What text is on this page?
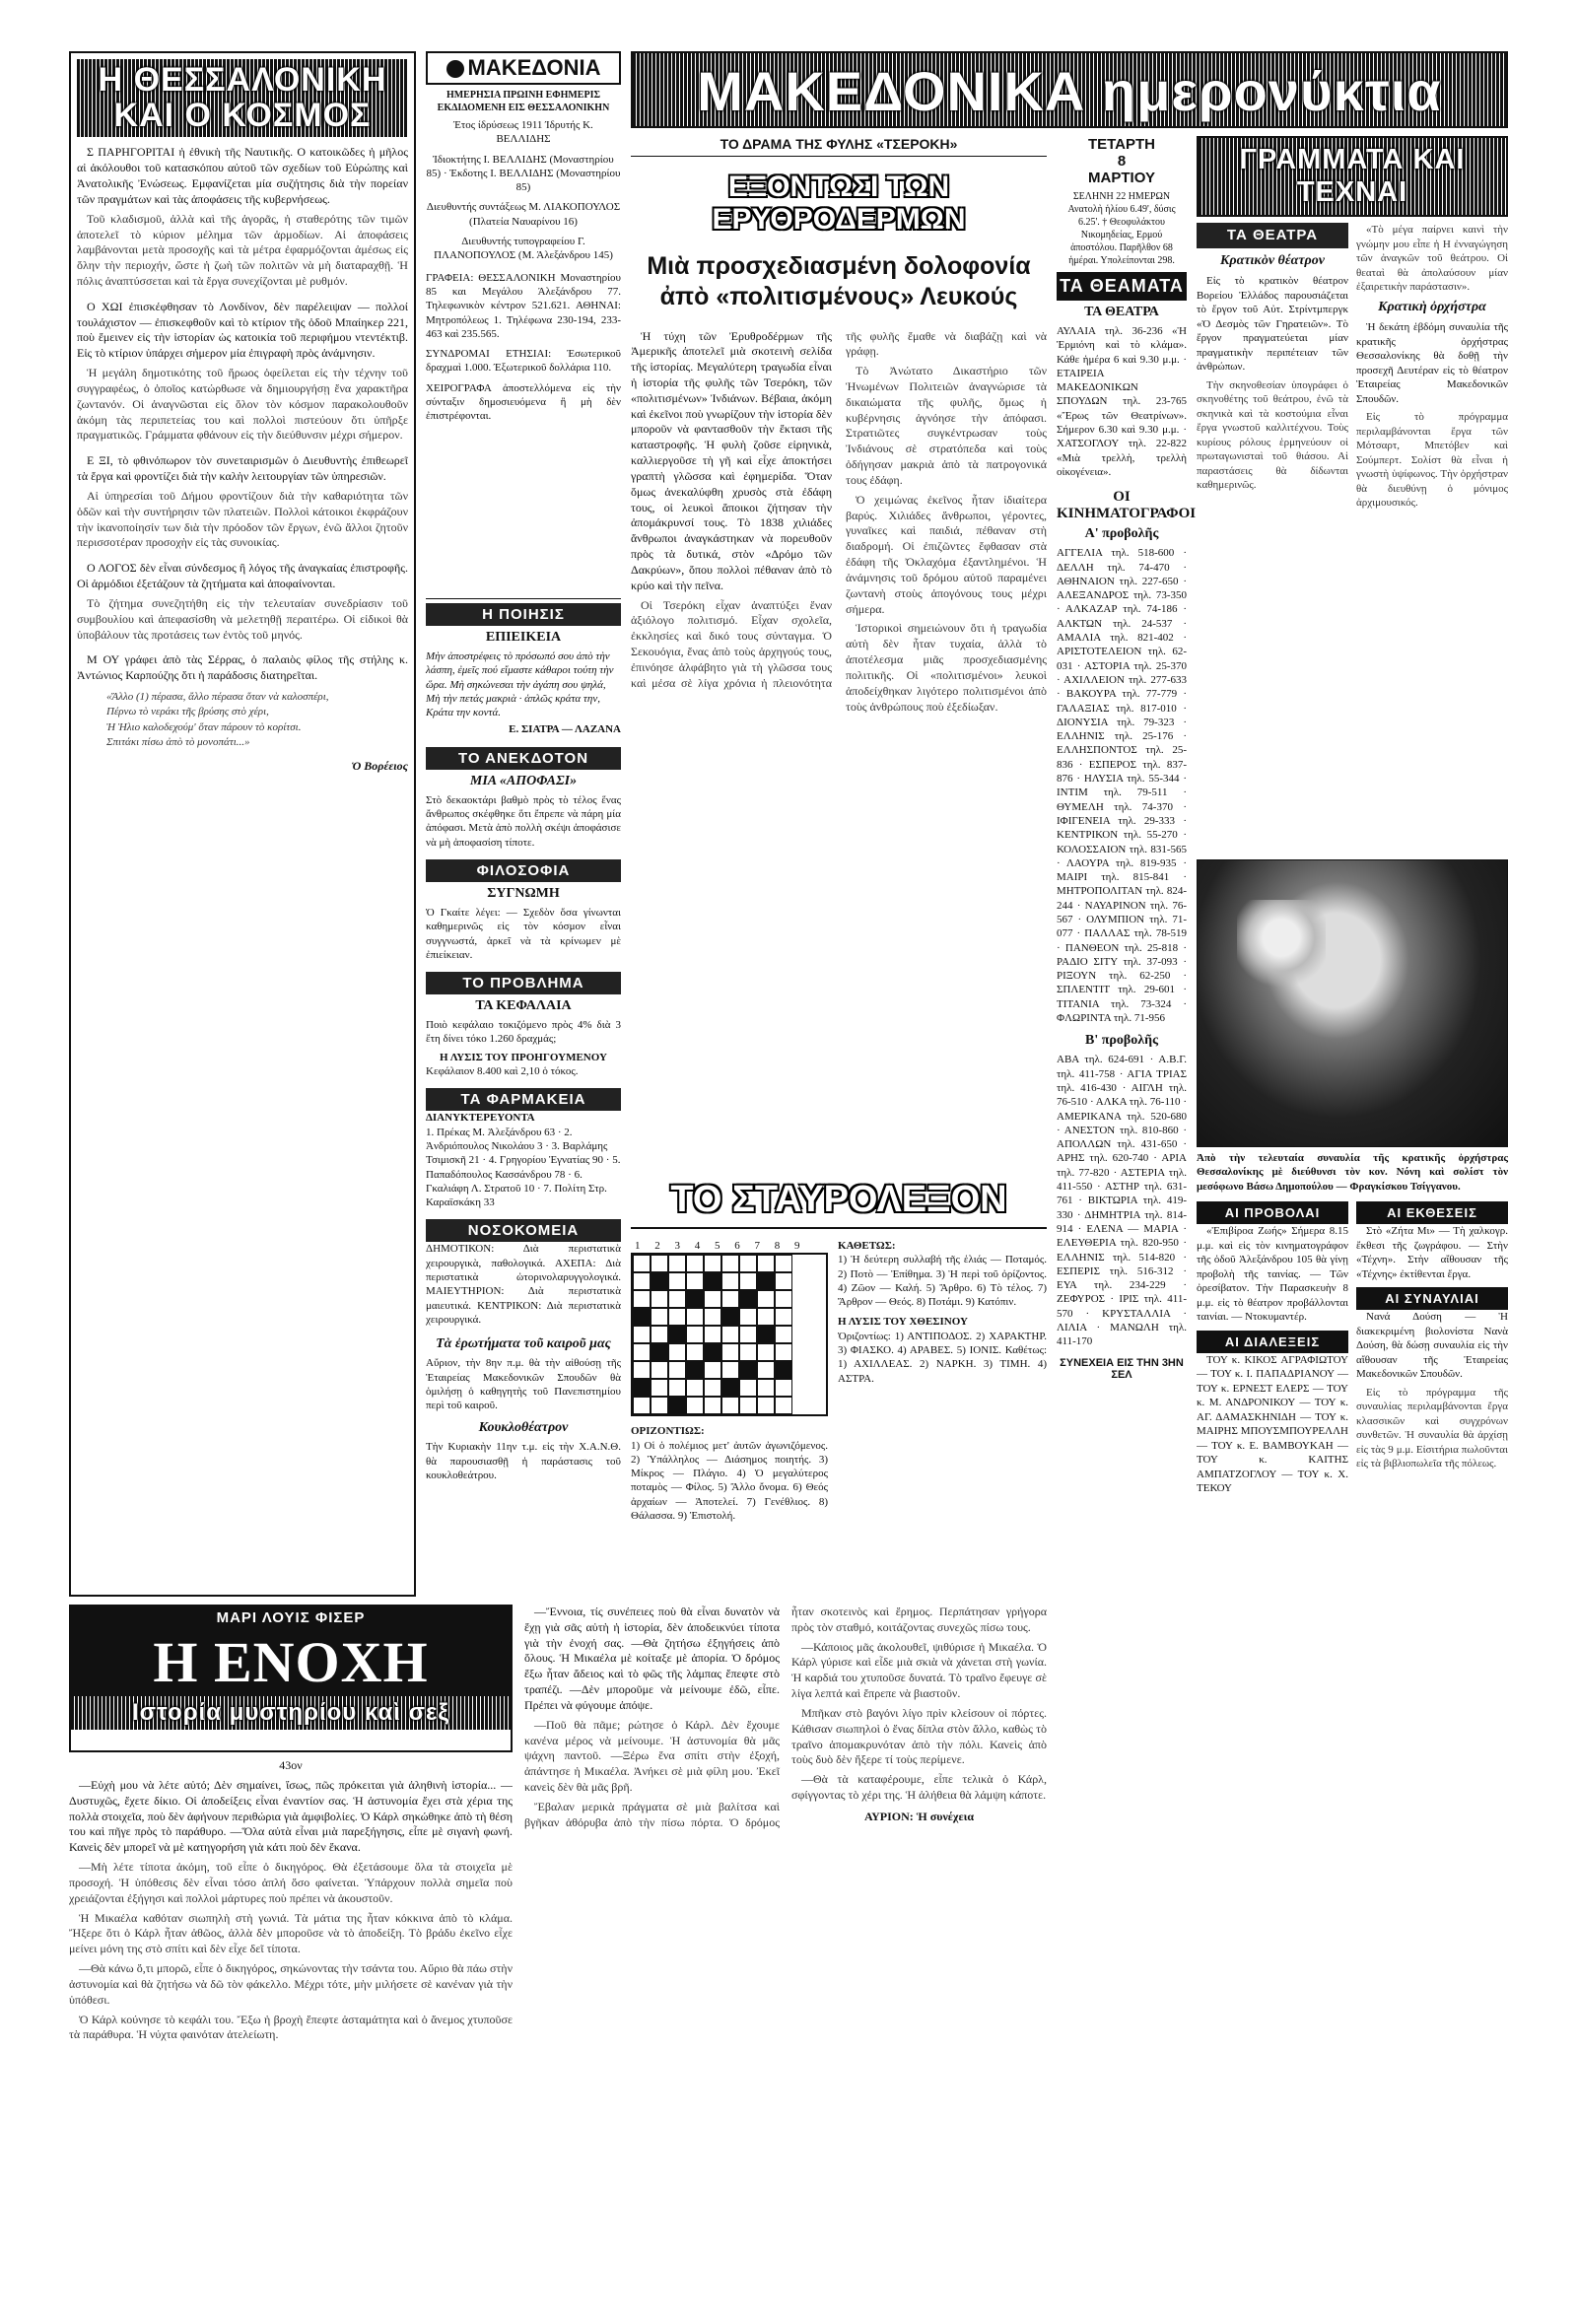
Η ΘΕΣΣΑΛΟΝΙΚΗ
ΚΑΙ Ο ΚΟΣΜΟΣ

Σ ΠΑΡΗΓΟΡΙΤΑΙ ἡ ἐθνικὴ τῆς Ναυτικῆς. Ο κατοικῶδες ἡ μῆλος αἱ ἀκόλουθοι τοῦ κατασκόπου αὐτοῦ τῶν σχεδίων τοῦ Εὐρώπης καὶ Ἀνατολικῆς Ἐνώσεως. Εμφανίζεται μία συζήτησις διὰ τὴν πορείαν τῶν πραγμάτων καὶ τὰς ἀποφάσεις τῆς κυβερνήσεως.

Τοῦ κλαδισμοῦ, ἀλλὰ καὶ τῆς ἀγορᾶς, ἡ σταθερότης τῶν τιμῶν ἀποτελεῖ τὸ κύριον μέλημα τῶν ἀρμοδίων. Αἱ ἀποφάσεις λαμβάνονται μετὰ προσοχῆς καὶ τὰ μέτρα ἐφαρμόζονται ἀμέσως εἰς ὅλην τὴν περιοχήν, ὥστε ἡ ζωὴ τῶν πολιτῶν νὰ μὴ διαταραχθῇ. Ἡ πόλις ἀναπτύσσεται καὶ τὰ ἔργα συνεχίζονται μὲ ρυθμόν.

Ο ΧΩΙ ἐπισκέφθησαν τὸ Λονδίνον, δὲν παρέλειψαν — πολλοί τουλάχιστον — ἐπισκεφθοῦν καὶ τὸ κτίριον τῆς ὁδοῦ Μπαίηκερ 221, ποὺ ἔμεινεν εἰς τὴν ἱστορίαν ὡς κατοικία τοῦ περιφήμου ντεντέκτιβ. Εἰς τὸ κτίριον ὑπάρχει σήμερον μία ἐπιγραφὴ πρὸς ἀνάμνησιν.

Ἡ μεγάλη δημοτικότης τοῦ ἥρωος ὀφείλεται εἰς τὴν τέχνην τοῦ συγγραφέως, ὁ ὁποῖος κατώρθωσε νὰ δημιουργήσῃ ἕνα χαρακτῆρα ζωντανόν. Οἱ ἀναγνῶσται εἰς ὅλον τὸν κόσμον παρακολουθοῦν ἀκόμη τὰς περιπετείας του καὶ πολλοὶ πιστεύουν ὅτι ὑπῆρξε πραγματικῶς. Γράμματα φθάνουν εἰς τὴν διεύθυνσιν μέχρι σήμερον.

Ε ΞΙ, τὸ φθινόπωρον τὸν συνεταιρισμῶν ὁ Διευθυντὴς ἐπιθεωρεῖ τὰ ἔργα καὶ φροντίζει διὰ τὴν καλὴν λειτουργίαν τῶν ὑπηρεσιῶν.

Αἱ ὑπηρεσίαι τοῦ Δήμου φροντίζουν διὰ τὴν καθαριότητα τῶν ὁδῶν καὶ τὴν συντήρησιν τῶν πλατειῶν. Πολλοὶ κάτοικοι ἐκφράζουν τὴν ἱκανοποίησίν των διὰ τὴν πρόοδον τῶν ἔργων, ἐνῶ ἄλλοι ζητοῦν περισσοτέραν προσοχὴν εἰς τὰς συνοικίας.

Ο ΛΟΓΟΣ δὲν εἶναι σύνδεσμος ἢ λόγος τῆς ἀναγκαίας ἐπιστροφῆς. Οἱ ἀρμόδιοι ἐξετάζουν τὰ ζητήματα καὶ ἀποφαίνονται.

Τὸ ζήτημα συνεζητήθη εἰς τὴν τελευταίαν συνεδρίασιν τοῦ συμβουλίου καὶ ἀπεφασίσθη νὰ μελετηθῇ περαιτέρω. Οἱ εἰδικοὶ θὰ ὑποβάλουν τὰς προτάσεις των ἐντὸς τοῦ μηνός.

Μ ΟΥ γράφει ἀπὸ τὰς Σέρρας, ὁ παλαιὸς φίλος τῆς στήλης κ. Ἀντώνιος Καρπούζης ὅτι ἡ παράδοσις διατηρεῖται.

«Ἄλλο (1) πέρασα, ἄλλο πέρασα ὅταν νὰ καλοσπέρι,
Πέρνω τὸ νεράκι τῆς βρύσης στὸ χέρι,
Ἡ Ἡλιο καλοδεχούμ' ὅταν πάρουν τὸ κορίτσι.
Σπιτάκι πίσω ἀπὸ τὸ μονοπάτι...»
Ὁ Βορέειος
ΜΑΚΕΔΟΝΙΑ
ΗΜΕΡΗΣΙΑ ΠΡΩΙΝΗ ΕΦΗΜΕΡΙΣ ΕΚΔΙΔΟΜΕΝΗ ΕΙΣ ΘΕΣΣΑΛΟΝΙΚΗΝ
Έτος ίδρύσεως 1911 Ίδρυτής Κ. ΒΕΛΛΙΔΗΣ
Ίδιοκτήτης Ι. ΒΕΛΛΙΔΗΣ (Μοναστηρίου 85) · Έκδοτης Ι. ΒΕΛΛΙΔΗΣ (Μοναστηρίου 85)
Διευθυντής συντάξεως Μ. ΛΙΑΚΟΠΟΥΛΟΣ (Πλατεία Ναυαρίνου 16)
Διευθυντής τυπογραφείου Γ. ΠΛΑΝΟΠΟΥΛΟΣ (Μ. Άλεξάνδρου 145)
ΓΡΑΦΕΙΑ: ΘΕΣΣΑΛΟΝΙΚΗ Μοναστηρίου 85 και Μεγάλου Άλεξάνδρου 77. Τηλεφωνικὸν κέντρον 521.621. ΑΘΗΝΑΙ: Μητροπόλεως 1. Τηλέφωνα 230-194, 233-463 καὶ 235.565.
ΣΥΝΔΡΟΜΑΙ ΕΤΗΣΙΑΙ: Έσωτερικοῦ δραχμαὶ 1.000. Έξωτερικοῦ δολλάρια 110.
ΧΕΙΡΟΓΡΑΦΑ ἀποστελλόμενα εἰς τὴν σύνταξιν δημοσιευόμενα ἢ μὴ δὲν ἐπιστρέφονται.
Η ΠΟΙΗΣΙΣ
ΕΠΙΕΙΚΕΙΑ
Μὴν ἀποστρέφεις τὸ πρόσωπό σου ἀπὸ τὴν λάσπη, ἐμεῖς πού εἴμαστε κάθαροι τούτη τὴν ὥρα. Μὴ σηκώνεσαι τὴν ἀγάπη σου ψηλά, Μὴ τὴν πετάς μακριὰ · ἁπλῶς κράτα την, Κράτα την κοντά.
Ε. ΣΙΑΤΡΑ — ΛΑΖΑΝΑ
ΤΟ ΑΝΕΚΔΟΤΟΝ
ΜΙΑ «ΑΠΟΦΑΣΙ»
Στὸ δεκαοκτάρι βαθμὸ πρὸς τὸ τέλος ἕνας ἄνθρωπος σκέφθηκε ὅτι ἔπρεπε νὰ πάρη μία ἀπόφασι. Μετὰ ἀπὸ πολλὴ σκέψι ἀποφάσισε νὰ μὴ ἀποφασίση τίποτε.
ΦΙΛΟΣΟΦΙΑ
ΣΥΓΝΩΜΗ
Ὁ Γκαίτε λέγει: — Σχεδὸν ὅσα γίνωνται καθημερινῶς εἰς τὸν κόσμον εἶναι συγγνωστά, ἀρκεῖ νὰ τὰ κρίνωμεν μὲ ἐπιείκειαν.
ΤΟ ΠΡΟΒΛΗΜΑ
ΤΑ ΚΕΦΑΛΑΙΑ
Ποιὸ κεφάλαιο τοκιζόμενο πρὸς 4% διὰ 3 ἔτη δίνει τόκο 1.260 δραχμάς;
Η ΛΥΣΙΣ ΤΟΥ ΠΡΟΗΓΟΥΜΕΝΟΥ
Κεφάλαιον 8.400 καὶ 2,10 ὁ τόκος.
ΤΑ ΦΑΡΜΑΚΕΙΑ
ΔΙΑΝΥΚΤΕΡΕΥΟΝΤΑ
1. Πρέκας Μ. Ἀλεξάνδρου 63 · 2. Ἀνδριόπουλος Νικολάου 3 · 3. Βαρλάμης Τσιμισκῆ 21 · 4. Γρηγορίου Ἐγνατίας 90 · 5. Παπαδόπουλος Κασσάνδρου 78 · 6. Γκαλιάφη Λ. Στρατοῦ 10 · 7. Πολίτη Στρ. Καραϊσκάκη 33
ΝΟΣΟΚΟΜΕΙΑ
ΔΗΜΟΤΙΚΟΝ: Διὰ περιστατικὰ χειρουργικὰ, παθολογικά. ΑΧΕΠΑ: Διὰ περιστατικὰ ὠτορινολαρυγγολογικά. ΜΑΙΕΥΤΗΡΙΟΝ: Διὰ περιστατικὰ μαιευτικά. ΚΕΝΤΡΙΚΟΝ: Διὰ περιστατικὰ χειρουργικά.
Τὰ ἐρωτήματα τοῦ καιροῦ μας
Αὔριον, τὴν 8ην π.μ. θὰ τὴν αἰθούσῃ τῆς Ἑταιρείας Μακεδονικῶν Σπουδῶν θὰ ὁμιλήσῃ ὁ καθηγητὴς τοῦ Πανεπιστημίου περὶ τοῦ καιροῦ.
Κουκλοθέατρον
Τὴν Κυριακὴν 11ην τ.μ. εἰς τὴν Χ.Α.Ν.Θ. θὰ παρουσιασθῇ ἡ παράστασις τοῦ κουκλοθεάτρου.
ΜΑΚΕΔΟΝΙΚΑ ημερονύκτια
ΤΟ ΔΡΑΜΑ ΤΗΣ ΦΥΛΗΣ «ΤΣΕΡΟΚΗ»
ΕΞΟΝΤΩΣΙ ΤΩΝ ΕΡΥΘΡΟΔΕΡΜΩΝ
Μιὰ προσχεδιασμένη δολοφονία ἀπὸ «πολιτισμένους» Λευκούς

Ἡ τύχη τῶν Ἐρυθροδέρμων τῆς Ἀμερικῆς ἀποτελεῖ μιὰ σκοτεινὴ σελίδα τῆς ἱστορίας. Μεγαλύτερη τραγωδία εἶναι ἡ ἱστορία τῆς φυλῆς τῶν Τσερόκη, τῶν «πολιτισμένων» Ἰνδιάνων. Βέβαια, ἀκόμη καὶ ἐκεῖνοι ποὺ γνωρίζουν τὴν ἱστορία δὲν μποροῦν νὰ φαντασθοῦν τὴν ἔκτασι τῆς καταστροφῆς. Ἡ φυλὴ ζοῦσε εἰρηνικὰ, καλλιεργοῦσε τὴ γῆ καὶ εἶχε ἀποκτήσει γραπτὴ γλῶσσα καὶ ἐφημερίδα. Ὅταν ὅμως ἀνεκαλύφθη χρυσὸς στὰ ἐδάφη τους, οἱ λευκοὶ ἄποικοι ζήτησαν τὴν ἀπομάκρυνσί τους. Τὸ 1838 χιλιάδες ἄνθρωποι ἀναγκάστηκαν νὰ πορευθοῦν πρὸς τὰ δυτικά, στὸν «Δρόμο τῶν Δακρύων», ὅπου πολλοὶ πέθαναν ἀπὸ τὸ κρύο καὶ τὴν πεῖνα.

Οἱ Τσερόκη εἶχαν ἀναπτύξει ἕναν ἀξιόλογο πολιτισμό. Εἶχαν σχολεῖα, ἐκκλησίες καὶ δικό τους σύνταγμα. Ὁ Σεκουόγια, ἕνας ἀπὸ τοὺς ἀρχηγούς τους, ἐπινόησε ἀλφάβητο γιὰ τὴ γλῶσσα τους καὶ μέσα σὲ λίγα χρόνια ἡ πλειονότητα τῆς φυλῆς ἔμαθε νὰ διαβάζῃ καὶ νὰ γράφῃ.

Τὸ Ἀνώτατο Δικαστήριο τῶν Ἡνωμένων Πολιτειῶν ἀναγνώρισε τὰ δικαιώματα τῆς φυλῆς, ὅμως ἡ κυβέρνησις ἀγνόησε τὴν ἀπόφασι. Στρατιῶτες συγκέντρωσαν τοὺς Ἰνδιάνους σὲ στρατόπεδα καὶ τοὺς ὁδήγησαν μακριὰ ἀπὸ τὰ πατρογονικά τους ἐδάφη.

Ὁ χειμώνας ἐκεῖνος ἦταν ἰδιαίτερα βαρύς. Χιλιάδες ἄνθρωποι, γέροντες, γυναῖκες καὶ παιδιά, πέθαναν στὴ διαδρομή. Οἱ ἐπιζῶντες ἔφθασαν στὰ ἐδάφη τῆς Ὀκλαχόμα ἐξαντλημένοι. Ἡ ἀνάμνησις τοῦ δρόμου αὐτοῦ παραμένει ζωντανὴ στοὺς ἀπογόνους τους μέχρι σήμερα.

Ἱστορικοὶ σημειώνουν ὅτι ἡ τραγωδία αὐτὴ δὲν ἦταν τυχαία, ἀλλὰ τὸ ἀποτέλεσμα μιᾶς προσχεδιασμένης πολιτικῆς. Οἱ «πολιτισμένοι» λευκοὶ ἀποδείχθηκαν λιγότερο πολιτισμένοι ἀπὸ τοὺς ἀνθρώπους ποὺ ἐξεδίωξαν.

ΤΕΤΑΡΤΗ
8
ΜΑΡΤΙΟΥ
ΣΕΛΗΝΗ 22 ΗΜΕΡΩΝ Ανατολὴ ἡλίου 6.49', δύσις 6.25'. † Θεοφυλάκτου Νικομηδείας, Ερμού ἀποστόλου. Παρῆλθον 68 ἡμέραι. Υπολείπονται 298.
ΤΑ ΘΕΑΜΑΤΑ
ΤΑ ΘΕΑΤΡΑ
ΑΥΛΑΙΑ τηλ. 36-236 «Ἡ Ἐρμιόνη καὶ τὸ κλάμα». Κάθε ἡμέρα 6 καὶ 9.30 μ.μ. · ΕΤΑΙΡΕΙΑ ΜΑΚΕΔΟΝΙΚΩΝ ΣΠΟΥΔΩΝ τηλ. 23-765 «Ἔρως τῶν Θεατρίνων». Σήμερον 6.30 καὶ 9.30 μ.μ. · ΧΑΤΣΟΓΛΟΥ τηλ. 22-822 «Μιὰ τρελλὴ, τρελλὴ οἰκογένεια».
ΟΙ ΚΙΝΗΜΑΤΟΓΡΑΦΟΙ
Α' προβολῆς
ΑΓΓΕΛΙΑ τηλ. 518-600 · ΔΕΛΛΗ τηλ. 74-470 · ΑΘΗΝΑΙΟΝ τηλ. 227-650 · ΑΛΕΞΑΝΔΡΟΣ τηλ. 73-350 · ΑΛΚΑΖΑΡ τηλ. 74-186 · ΑΛΚΤΩΝ τηλ. 24-537 · ΑΜΑΛΙΑ τηλ. 821-402 · ΑΡΙΣΤΟΤΕΛΕΙΟΝ τηλ. 62-031 · ΑΣΤΟΡΙΑ τηλ. 25-370 · ΑΧΙΛΛΕΙΟΝ τηλ. 277-633 · ΒΑΚΟΥΡΑ τηλ. 77-779 · ΓΑΛΑΞΙΑΣ τηλ. 817-010 · ΔΙΟΝΥΣΙΑ τηλ. 79-323 · ΕΛΛΗΝΙΣ τηλ. 25-176 · ΕΛΛΗΣΠΟΝΤΟΣ τηλ. 25-836 · ΕΣΠΕΡΟΣ τηλ. 837-876 · ΗΛΥΣΙΑ τηλ. 55-344 · ΙΝΤΙΜ τηλ. 79-511 · ΘΥΜΕΛΗ τηλ. 74-370 · ΙΦΙΓΕΝΕΙΑ τηλ. 29-333 · ΚΕΝΤΡΙΚΟΝ τηλ. 55-270 · ΚΟΛΟΣΣΑΙΟΝ τηλ. 831-565 · ΛΑΟΥΡΑ τηλ. 819-935 · ΜΑΙΡΙ τηλ. 815-841 · ΜΗΤΡΟΠΟΛΙΤΑΝ τηλ. 824-244 · ΝΑΥΑΡΙΝΟΝ τηλ. 76-567 · ΟΛΥΜΠΙΟΝ τηλ. 71-077 · ΠΑΛΛΑΣ τηλ. 78-519 · ΠΑΝΘΕΟΝ τηλ. 25-818 · ΡΑΔΙΟ ΣΙΤΥ τηλ. 37-093 · ΡΙΞΟΥΝ τηλ. 62-250 · ΣΠΛΕΝΤΙΤ τηλ. 29-601 · ΤΙΤΑΝΙΑ τηλ. 73-324 · ΦΛΩΡΙΝΤΑ τηλ. 71-956
Β' προβολῆς
ΑΒΑ τηλ. 624-691 · Α.Β.Γ. τηλ. 411-758 · ΑΓΙΑ ΤΡΙΑΣ τηλ. 416-430 · ΑΙΓΛΗ τηλ. 76-510 · ΑΛΚΑ τηλ. 76-110 · ΑΜΕΡΙΚΑΝΑ τηλ. 520-680 · ΑΝΕΣΤΟΝ τηλ. 810-860 · ΑΠΟΛΛΩΝ τηλ. 431-650 · ΑΡΗΣ τηλ. 620-740 · ΑΡΙΑ τηλ. 77-820 · ΑΣΤΕΡΙΑ τηλ. 411-550 · ΑΣΤΗΡ τηλ. 631-761 · ΒΙΚΤΩΡΙΑ τηλ. 419-330 · ΔΗΜΗΤΡΙΑ τηλ. 814-914 · ΕΛΕΝΑ — ΜΑΡΙΑ · ΕΛΕΥΘΕΡΙΑ τηλ. 820-950 · ΕΛΛΗΝΙΣ τηλ. 514-820 · ΕΣΠΕΡΙΣ τηλ. 516-312 · ΕΥΑ τηλ. 234-229 · ΖΕΦΥΡΟΣ · ΙΡΙΣ τηλ. 411-570 · ΚΡΥΣΤΑΛΛΙΑ · ΛΙΛΙΑ · ΜΑΝΩΛΗ τηλ. 411-170
ΣΥΝΕΧΕΙΑ ΕΙΣ ΤΗΝ 3ΗΝ ΣΕΛ
ΓΡΑΜΜΑΤΑ ΚΑΙ ΤΕΧΝΑΙ
ΤΑ ΘΕΑΤΡΑ
Κρατικὸν θέατρον

Εἰς τὸ κρατικὸν θέατρον Βορείου Ἑλλάδος παρουσιάζεται τὸ ἔργον τοῦ Αὐτ. Στρίντμπεργκ «Ὁ Δεσμὸς τῶν Γηρατειῶν». Τὸ ἔργον πραγματεύεται μίαν πραγματικὴν περιπέτειαν τῶν ἀνθρώπων.

Τὴν σκηνοθεσίαν ὑπογράφει ὁ σκηνοθέτης τοῦ θεάτρου, ἐνῶ τὰ σκηνικὰ καὶ τὰ κοστούμια εἶναι ἔργα γνωστοῦ καλλιτέχνου. Τοὺς κυρίους ρόλους ἑρμηνεύουν οἱ πρωταγωνισταὶ τοῦ θιάσου. Αἱ παραστάσεις θὰ δίδωνται καθημερινῶς.

«Τὸ μέγα παίρνει καινὶ τὴν γνώμην μου εἶπε ἡ Η ἐνναγώγηση τῶν ἀναγκῶν τοῦ θεάτρου. Οἱ θεαταὶ θὰ ἀπολαύσουν μίαν ἐξαιρετικὴν παράστασιν».

Κρατικὴ ὀρχήστρα

Ἡ δεκάτη ἑβδόμη συναυλία τῆς κρατικῆς ὀρχήστρας Θεσσαλονίκης θὰ δοθῇ τὴν προσεχῆ Δευτέραν εἰς τὸ θέατρον Ἑταιρείας Μακεδονικῶν Σπουδῶν.

Εἰς τὸ πρόγραμμα περιλαμβάνονται ἔργα τῶν Μότσαρτ, Μπετόβεν καὶ Σούμπερτ. Σολίστ θὰ εἶναι ἡ γνωστὴ ὑψίφωνος. Τὴν ὀρχήστραν θὰ διευθύνῃ ὁ μόνιμος ἀρχιμουσικός.

Ἀπὸ τὴν τελευταία συναυλία τῆς κρατικῆς ὀρχήστρας Θεσσαλονίκης μὲ διεύθυνσι τὸν κον. Νόνη καὶ σολίστ τὸν μεσόφωνο Βάσω Δημοπούλου — Φραγκίσκου Τσίγγανου.
ΑΙ ΠΡΟΒΟΛΑΙ

«Ἐπιβίροα Ζωής» Σήμερα 8.15 μ.μ. καὶ εἰς τὸν κινηματογράφον τῆς ὁδοῦ Ἀλεξάνδρου 105 θὰ γίνῃ προβολὴ τῆς ταινίας. — Τῶν ὀρεσίβατον. Τὴν Παρασκευὴν 8 μ.μ. εἰς τὸ θέατρον προβάλλονται ταινίαι. — Ντοκυμαντέρ.

ΑΙ ΔΙΑΛΕΞΕΙΣ

ΤΟΥ κ. ΚΙΚΟΣ ΑΓΡΑΦΙΩΤΟΥ — ΤΟΥ κ. Ι. ΠΑΠΑΔΡΙΑΝΟΥ — ΤΟΥ κ. ΕΡΝΕΣΤ ΕΛΕΡΣ — ΤΟΥ κ. Μ. ΑΝΔΡΟΝΙΚΟΥ — ΤΟΥ κ. ΑΓ. ΔΑΜΑΣΚΗΝΙΔΗ — ΤΟΥ κ. ΜΑΙΡΗΣ ΜΠΟΥΣΜΠΟΥΡΕΛΛΗ — ΤΟΥ κ. Ε. ΒΑΜΒΟΥΚΑΗ — ΤΟΥ κ. ΚΑΙΤΗΣ ΑΜΠΑΤΖΟΓΛΟΥ — ΤΟΥ κ. Χ. ΤΕΚΟΥ

ΑΙ ΕΚΘΕΣΕΙΣ

Στὸ «Ζήτα Μι» — Τὴ χαλκογρ. ἔκθεσι τῆς ζωγράφου. — Στὴν «Τέχνη». Στὴν αἴθουσαν τῆς «Τέχνης» ἐκτίθενται ἔργα.

ΑΙ ΣΥΝΑΥΛΙΑΙ

Νανά Δούση — Ἡ διακεκριμένη βιολονίστα Νανὰ Δούση, θὰ δώσῃ συναυλία εἰς τὴν αἴθουσαν τῆς Ἑταιρείας Μακεδονικῶν Σπουδῶν.

Εἰς τὸ πρόγραμμα τῆς συναυλίας περιλαμβάνονται ἔργα κλασσικῶν καὶ συγχρόνων συνθετῶν. Ἡ συναυλία θὰ ἀρχίσῃ εἰς τὰς 9 μ.μ. Εἰσιτήρια πωλοῦνται εἰς τὰ βιβλιοπωλεῖα τῆς πόλεως.

ΤΟ ΣΤΑΥΡΟΛΕΞΟΝ
1 2 3 4 5 6 7 8 9	ΚΑΘΕΤΩΣ:
1) Ἡ δεύτερη συλλαβή τῆς ἑλιάς — Ποταμός. 2) Ποτὸ — Ἐπίθημα. 3) Ἡ περὶ τοῦ ὀρίζοντος. 4) Ζῶον — Καλή. 5) Ἄρθρο. 6) Τὸ τέλος. 7) Ἄρθρον — Θεός. 8) Ποτάμι. 9) Κατόπιν.
Η ΛΥΣΙΣ ΤΟΥ ΧΘΕΣΙΝΟΥ
Ὁριζοντίως: 1) ΑΝΤΙΠΟΔΟΣ. 2) ΧΑΡΑΚΤΗΡ. 3) ΦΙΑΣΚΟ. 4) ΑΡΑΒΕΣ. 5) ΙΟΝΙΣ. Καθέτως: 1) ΑΧΙΛΛΕΑΣ. 2) ΝΑΡΚΗ. 3) ΤΙΜΗ. 4) ΑΣΤΡΑ.
ΟΡΙΖΟΝΤΙΩΣ:
1) Οἱ ὁ πολέμιος μετ' ἀυτῶν ἀγωνιζόμενος. 2) Ὑπάλληλος — Διάσημος ποιητής. 3) Μίκρος — Πλάγιο. 4) Ὁ μεγαλύτερος ποταμὸς — Φίλος. 5) Ἄλλο ὄνομα. 6) Θεός ἀρχαίων — Ἀποτελεί. 7) Γενέθλιος. 8) Θάλασσα. 9) Ἐπιστολή.
ΜΑΡΙ ΛΟΥΙΣ ΦΙΣΕΡ
Η ΕΝΟΧΗ
Ιστορία μυστηρίου καὶ σεξ
43ον

—Εὐχὴ μου νὰ λέτε αὐτό; Δὲν σημαίνει, ἴσως, πῶς πρόκειται γιὰ ἀληθινὴ ἱστορία... —Δυστυχῶς, ἔχετε δίκιο. Οἱ ἀποδείξεις εἶναι ἐναντίον σας. Ἡ ἀστυνομία ἔχει στὰ χέρια της πολλὰ στοιχεῖα, ποὺ δὲν ἀφήνουν περιθώρια γιὰ ἀμφιβολίες. Ὁ Κάρλ σηκώθηκε ἀπὸ τὴ θέση του καὶ πῆγε πρὸς τὸ παράθυρο. —Ὅλα αὐτὰ εἶναι μιὰ παρεξήγησις, εἶπε μὲ σιγανὴ φωνή. Κανεὶς δὲν μπορεῖ νὰ μὲ κατηγορήση γιὰ κάτι ποὺ δὲν ἔκανα.

—Μὴ λέτε τίποτα ἀκόμη, τοῦ εἶπε ὁ δικηγόρος. Θὰ ἐξετάσουμε ὅλα τὰ στοιχεῖα μὲ προσοχή. Ἡ ὑπόθεσις δὲν εἶναι τόσο ἁπλή ὅσο φαίνεται. Ὑπάρχουν πολλὰ σημεῖα ποὺ χρειάζονται ἐξήγησι καὶ πολλοὶ μάρτυρες ποὺ πρέπει νὰ ἀκουστοῦν.

Ἡ Μικαέλα καθόταν σιωπηλὴ στὴ γωνιά. Τὰ μάτια της ἦταν κόκκινα ἀπὸ τὸ κλάμα. Ἤξερε ὅτι ὁ Κάρλ ἦταν ἀθῶος, ἀλλὰ δὲν μποροῦσε νὰ τὸ ἀποδείξη. Τὸ βράδυ ἐκεῖνο εἶχε μείνει μόνη της στὸ σπίτι καὶ δὲν εἶχε δεῖ τίποτα.

—Θὰ κάνω ὅ,τι μπορῶ, εἶπε ὁ δικηγόρος, σηκώνοντας τὴν τσάντα του. Αὔριο θὰ πάω στὴν ἀστυνομία καὶ θὰ ζητήσω νὰ δῶ τὸν φάκελλο. Μέχρι τότε, μὴν μιλήσετε σὲ κανέναν γιὰ τὴν ὑπόθεσι.

Ὁ Κάρλ κούνησε τὸ κεφάλι του. Ἔξω ἡ βροχὴ ἔπεφτε ἀσταμάτητα καὶ ὁ ἄνεμος χτυποῦσε τὰ παράθυρα. Ἡ νύχτα φαινόταν ἀτελείωτη.

—Ἔννοια, τίς συνέπειες ποὺ θὰ εἶναι δυνατὸν νὰ ἔχῃ γιὰ σᾶς αὐτὴ ἡ ἱστορία, δὲν ἀποδεικνύει τίποτα γιὰ τὴν ἐνοχή σας. —Θὰ ζητήσω ἐξηγήσεις ἀπὸ ὅλους. Ἡ Μικαέλα μὲ κοίταξε μὲ ἀπορία. Ὁ δρόμος ἔξω ἦταν ἄδειος καὶ τὸ φῶς τῆς λάμπας ἔπεφτε στὸ τραπέζι. —Δὲν μποροῦμε νὰ μείνουμε ἐδῶ, εἶπε. Πρέπει νὰ φύγουμε ἀπόψε.

—Ποῦ θὰ πᾶμε; ρώτησε ὁ Κάρλ. Δὲν ἔχουμε κανένα μέρος νὰ μείνουμε. Ἡ ἀστυνομία θὰ μᾶς ψάχνη παντοῦ. —Ξέρω ἕνα σπίτι στὴν ἐξοχή, ἀπάντησε ἡ Μικαέλα. Ἀνήκει σὲ μιὰ φίλη μου. Ἐκεῖ κανεὶς δὲν θὰ μᾶς βρῆ.

Ἔβαλαν μερικὰ πράγματα σὲ μιὰ βαλίτσα καὶ βγῆκαν ἀθόρυβα ἀπὸ τὴν πίσω πόρτα. Ὁ δρόμος ἦταν σκοτεινὸς καὶ ἔρημος. Περπάτησαν γρήγορα πρὸς τὸν σταθμό, κοιτάζοντας συνεχῶς πίσω τους.

—Κάποιος μᾶς ἀκολουθεῖ, ψιθύρισε ἡ Μικαέλα. Ὁ Κάρλ γύρισε καὶ εἶδε μιὰ σκιὰ νὰ χάνεται στὴ γωνία. Ἡ καρδιά του χτυποῦσε δυνατά. Τὸ τραῖνο ἔφευγε σὲ λίγα λεπτά καὶ ἔπρεπε νὰ βιαστοῦν.

Μπῆκαν στὸ βαγόνι λίγο πρὶν κλείσουν οἱ πόρτες. Κάθισαν σιωπηλοὶ ὁ ἕνας δίπλα στὸν ἄλλο, καθὼς τὸ τραῖνο ἀπομακρυνόταν ἀπὸ τὴν πόλι. Κανεὶς ἀπὸ τοὺς δυὸ δὲν ἤξερε τί τοὺς περίμενε.

—Θὰ τὰ καταφέρουμε, εἶπε τελικὰ ὁ Κάρλ, σφίγγοντας τὸ χέρι της. Ἡ ἀλήθεια θὰ λάμψη κάποτε.

ΑΥΡΙΟΝ: Ἡ συνέχεια
